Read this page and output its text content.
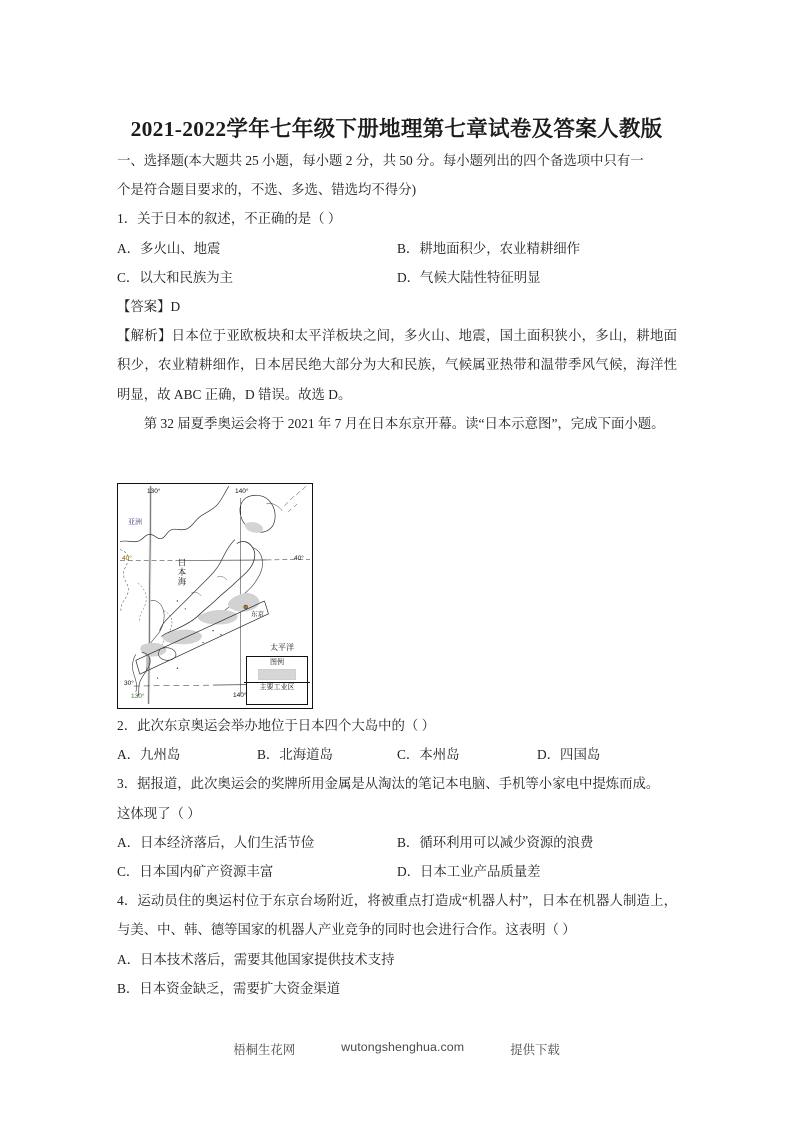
2021-2022学年七年级下册地理第七章试卷及答案人教版

一、选择题(本大题共 25 小题，每小题 2 分，共 50 分。每小题列出的四个备选项中只有一

个是符合题目要求的，不选、多选、错选均不得分)

1．关于日本的叙述，不正确的是（ ）

A．多火山、地震	B．耕地面积少，农业精耕细作
C．以大和民族为主	D．气候大陆性特征明显

【答案】D

【解析】日本位于亚欧板块和太平洋板块之间，多火山、地震，国土面积狭小，多山，耕地面积少，农业精耕细作，日本居民绝大部分为大和民族，气候属亚热带和温带季风气候，海洋性明显，故 ABC 正确，D 错误。故选 D。

第 32 届夏季奥运会将于 2021 年 7 月在日本东京开幕。读“日本示意图”，完成下面小题。

亚洲
日本海
太平洋
东京
130°	140°
130°	140°
40°	40°
30°
图例
主要工业区

2．此次东京奥运会举办地位于日本四个大岛中的（ ）

A．九州岛	B．北海道岛	C．本州岛	D．四国岛

3．据报道，此次奥运会的奖牌所用金属是从淘汰的笔记本电脑、手机等小家电中提炼而成。

这体现了（ ）

A．日本经济落后，人们生活节俭	B．循环利用可以减少资源的浪费
C．日本国内矿产资源丰富	D．日本工业产品质量差

4．运动员住的奥运村位于东京台场附近，将被重点打造成“机器人村”，日本在机器人制造上，与美、中、韩、德等国家的机器人产业竞争的同时也会进行合作。这表明（ ）

A．日本技术落后，需要其他国家提供技术支持

B．日本资金缺乏，需要扩大资金渠道

梧桐生花网	wutongshenghua.com	提供下载
